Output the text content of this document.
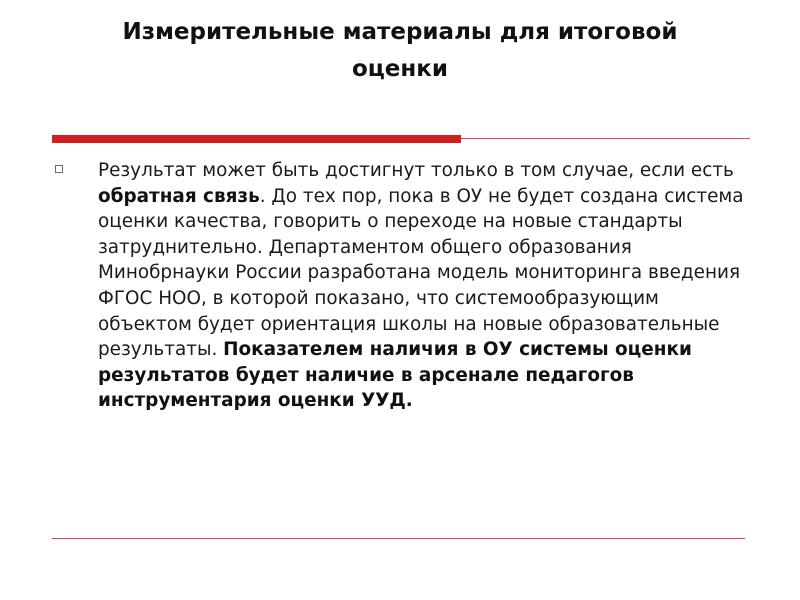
Измерительные материалы для итоговой
оценки

Результат может быть достигнут только в том случае, если есть обратная связь. До тех пор, пока в ОУ не будет создана система оценки качества, говорить о переходе на новые стандарты затруднительно. Департаментом общего образования Минобрнауки России разработана модель мониторинга введения ФГОС НОО, в которой показано, что системообразующим объектом будет ориентация школы на новые образовательные результаты. Показателем наличия в ОУ системы оценки результатов будет наличие в арсенале педагогов инструментария оценки УУД.
